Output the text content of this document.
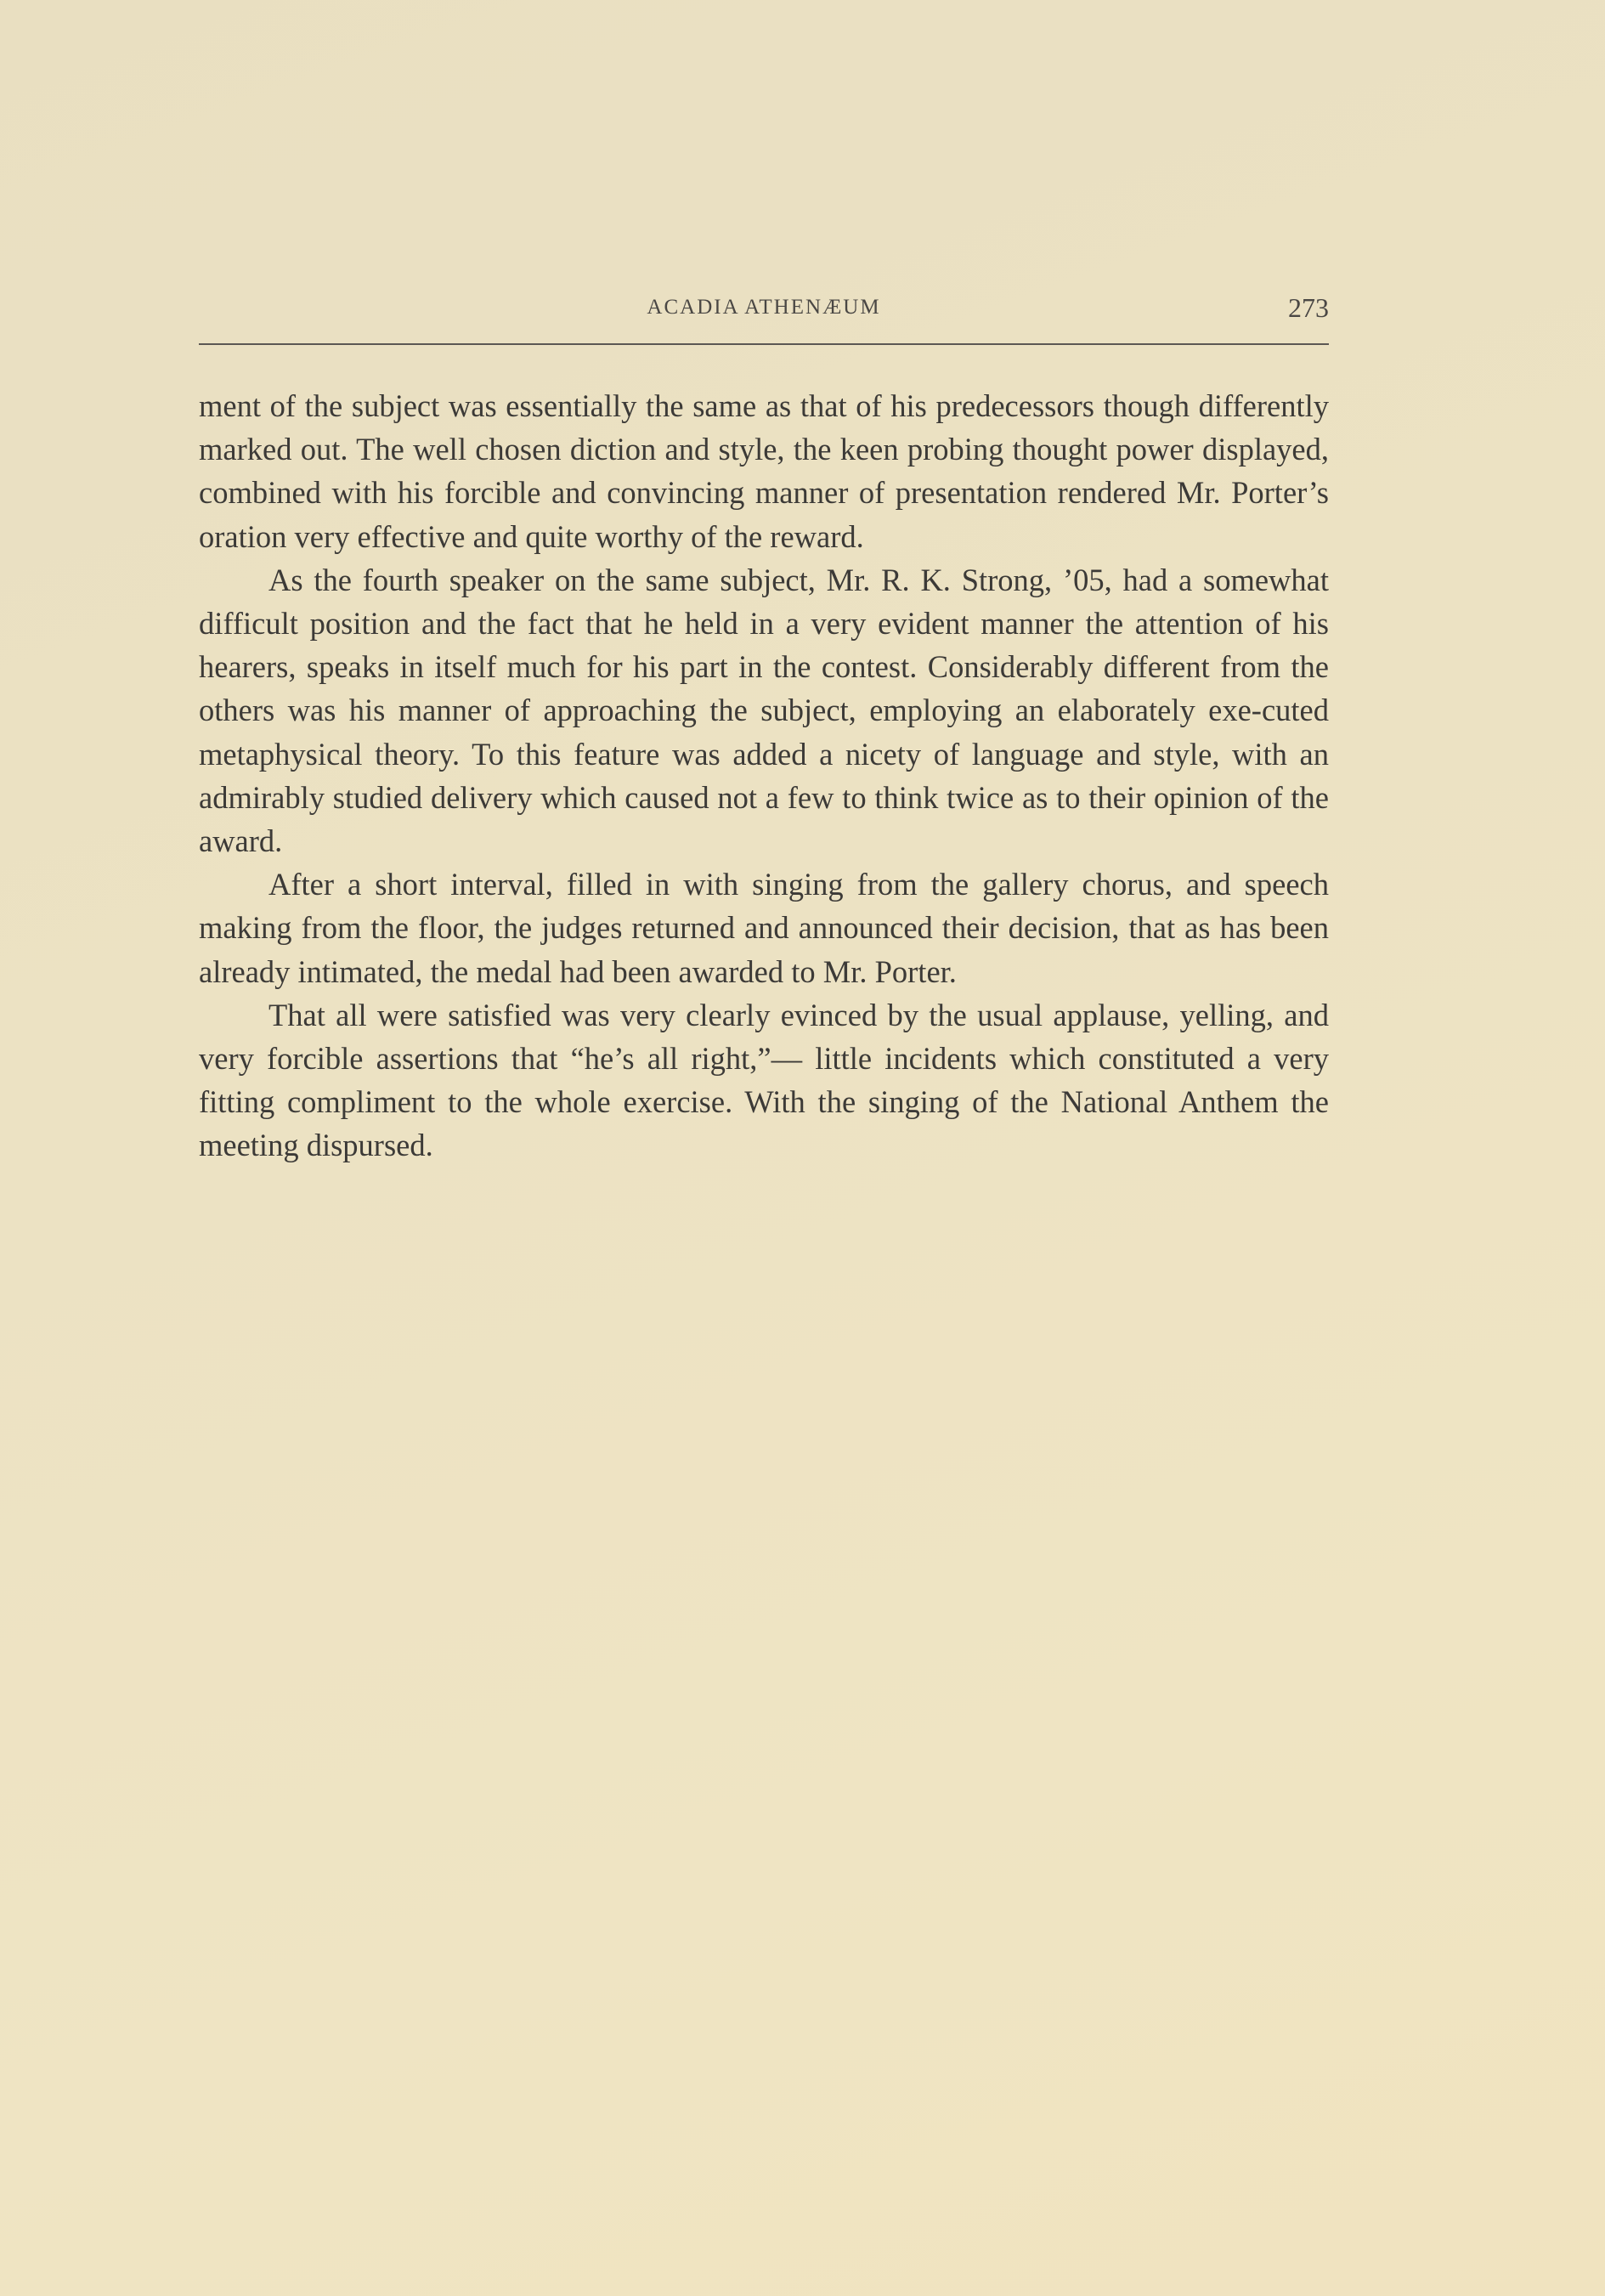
ACADIA ATHENÆUM	273

ment of the subject was essentially the same as that of his predecessors though differently marked out. The well chosen diction and style, the keen probing thought power displayed, combined with his forcible and convincing manner of presentation rendered Mr. Porter’s oration very effective and quite worthy of the reward.

As the fourth speaker on the same subject, Mr. R. K. Strong, ’05, had a somewhat difficult position and the fact that he held in a very evident manner the attention of his hearers, speaks in itself much for his part in the contest. Considerably different from the others was his manner of approaching the subject, employing an elaborately exe-cuted metaphysical theory. To this feature was added a nicety of language and style, with an admirably studied delivery which caused not a few to think twice as to their opinion of the award.

After a short interval, filled in with singing from the gallery chorus, and speech making from the floor, the judges returned and announced their decision, that as has been already intimated, the medal had been awarded to Mr. Porter.

That all were satisfied was very clearly evinced by the usual applause, yelling, and very forcible assertions that “he’s all right,”— little incidents which constituted a very fitting compliment to the whole exercise. With the singing of the National Anthem the meeting dispursed.
